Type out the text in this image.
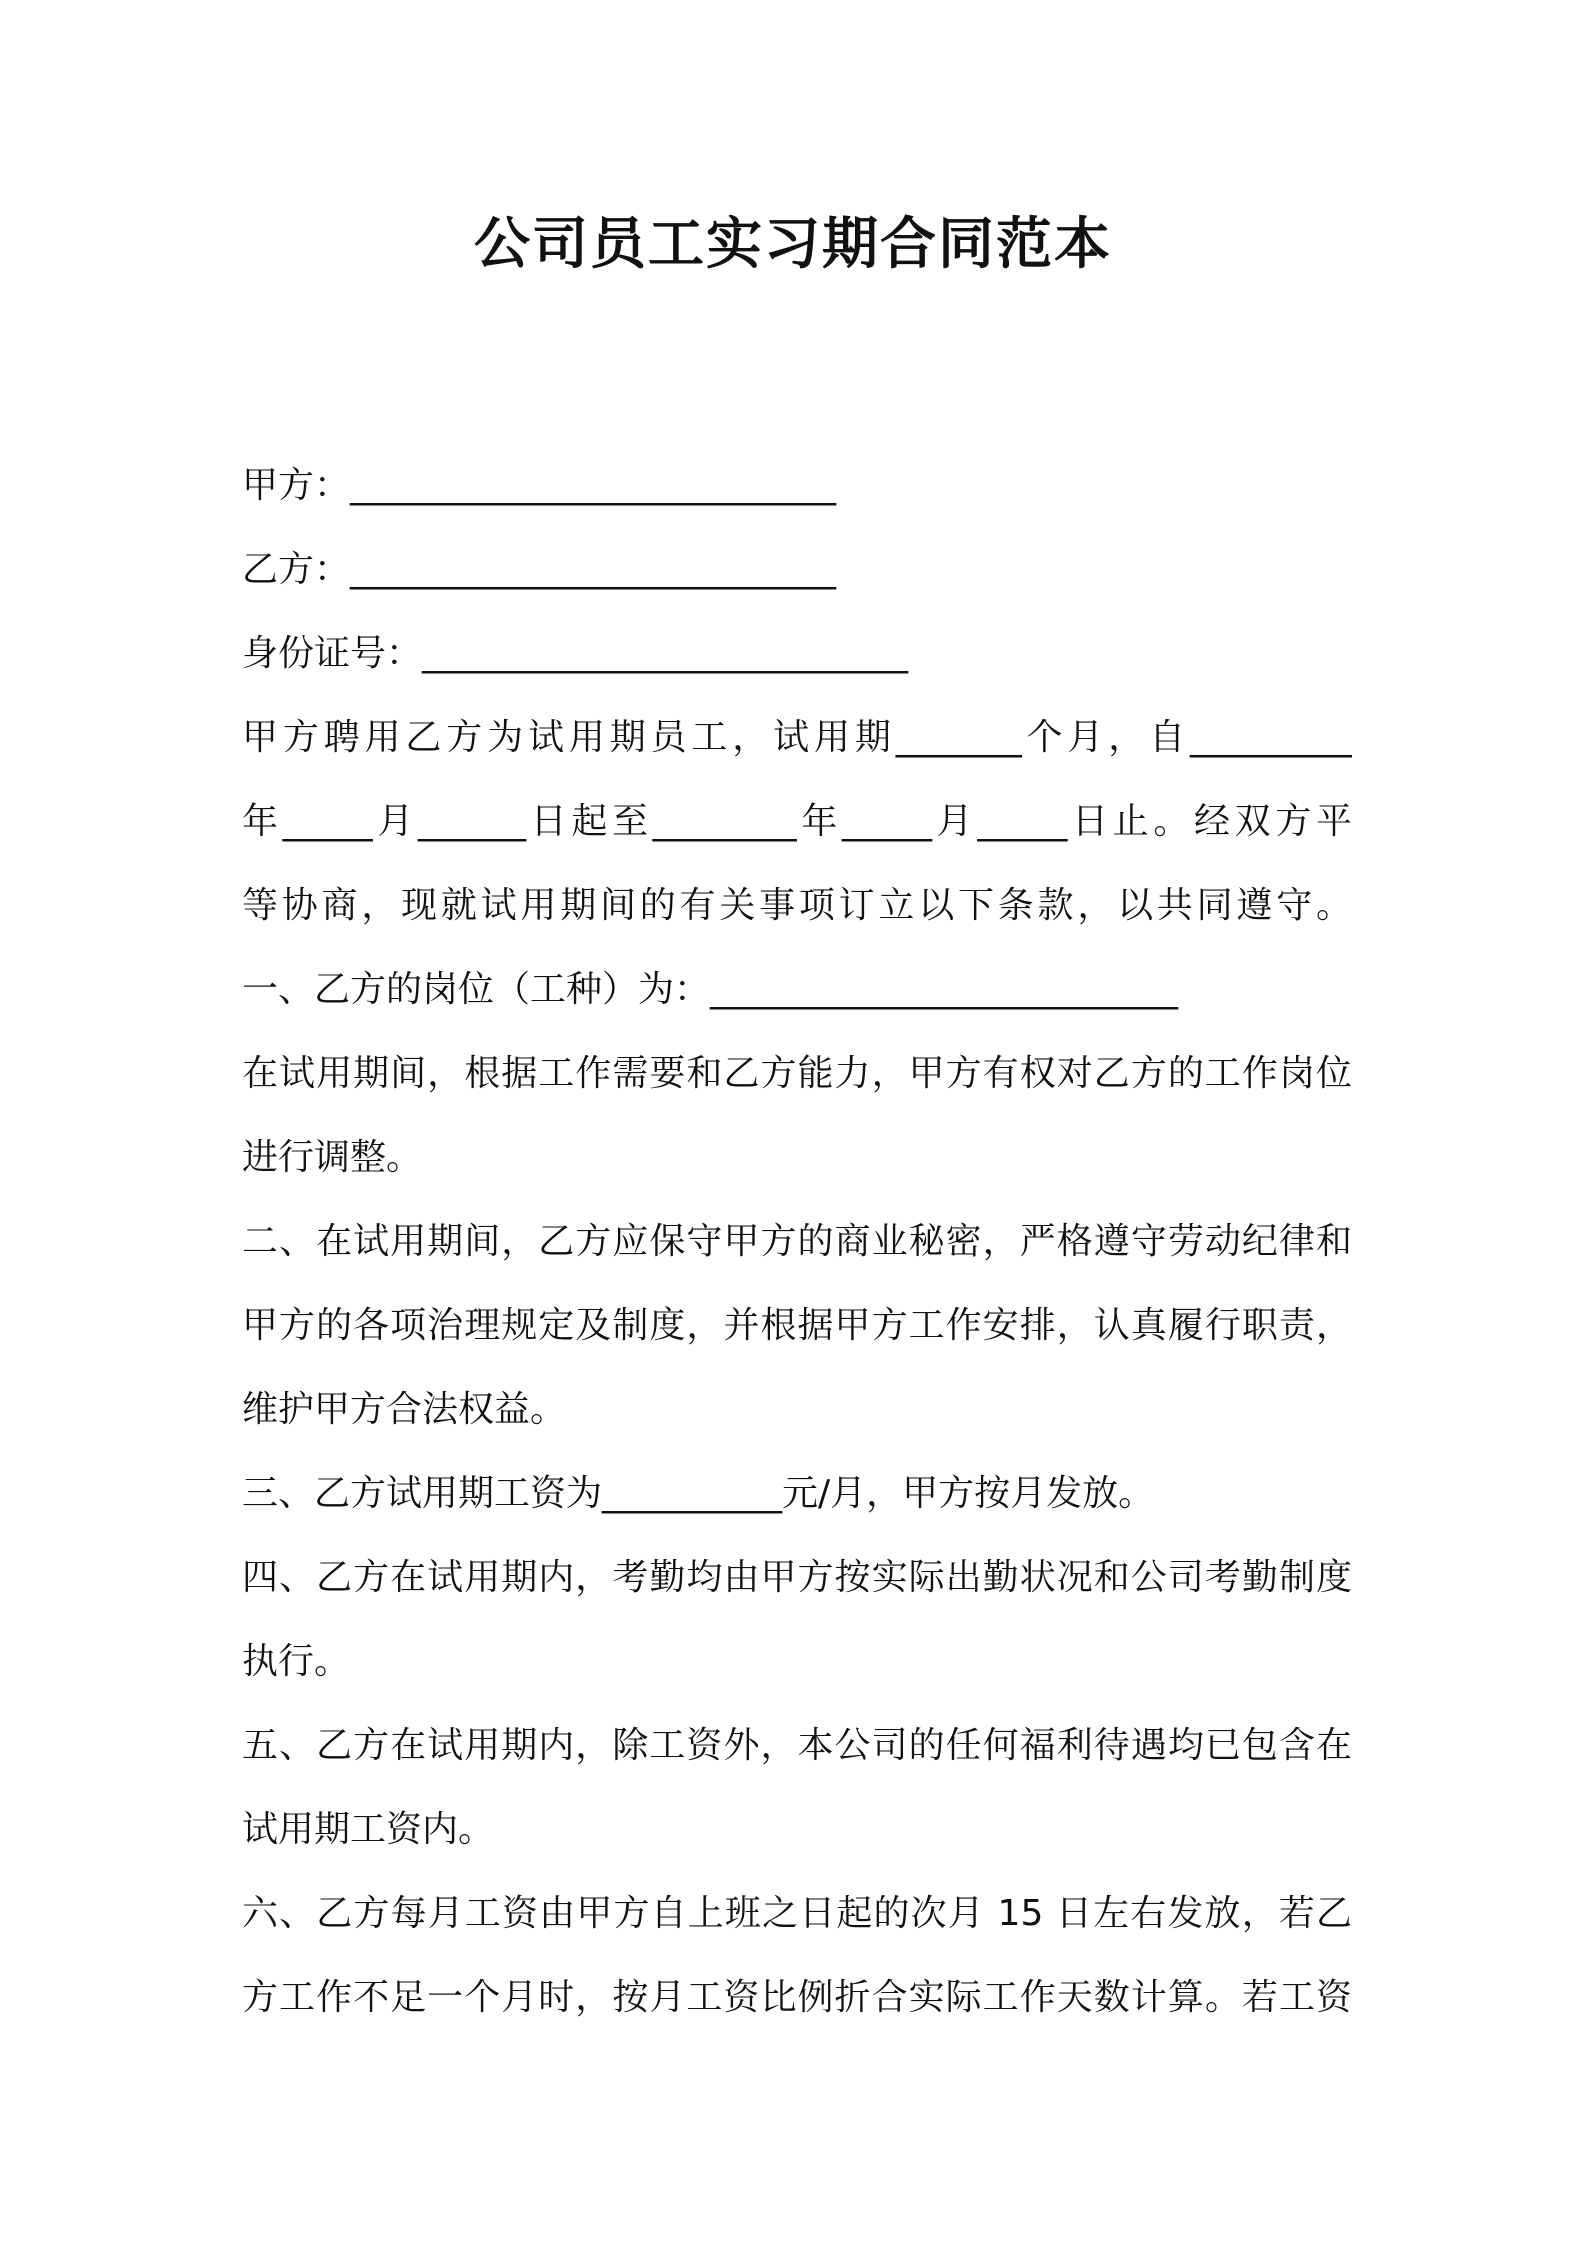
公司员工实习期合同范本
甲方：___________________________
乙方：___________________________
身份证号：___________________________
甲方聘用乙方为试用期员工，试用期_______个月，自_________
年_____月______日起至________年_____月_____日止。经双方平
等协商，现就试用期间的有关事项订立以下条款，以共同遵守。
一、乙方的岗位（工种）为：__________________________
在试用期间，根据工作需要和乙方能力，甲方有权对乙方的工作岗位
进行调整。
二、在试用期间，乙方应保守甲方的商业秘密，严格遵守劳动纪律和
甲方的各项治理规定及制度，并根据甲方工作安排，认真履行职责，
维护甲方合法权益。
三、乙方试用期工资为__________元/月，甲方按月发放。
四、乙方在试用期内，考勤均由甲方按实际出勤状况和公司考勤制度
执行。
五、乙方在试用期内，除工资外，本公司的任何福利待遇均已包含在
试用期工资内。
六、乙方每月工资由甲方自上班之日起的次月 15 日左右发放，若乙
方工作不足一个月时，按月工资比例折合实际工作天数计算。若工资
